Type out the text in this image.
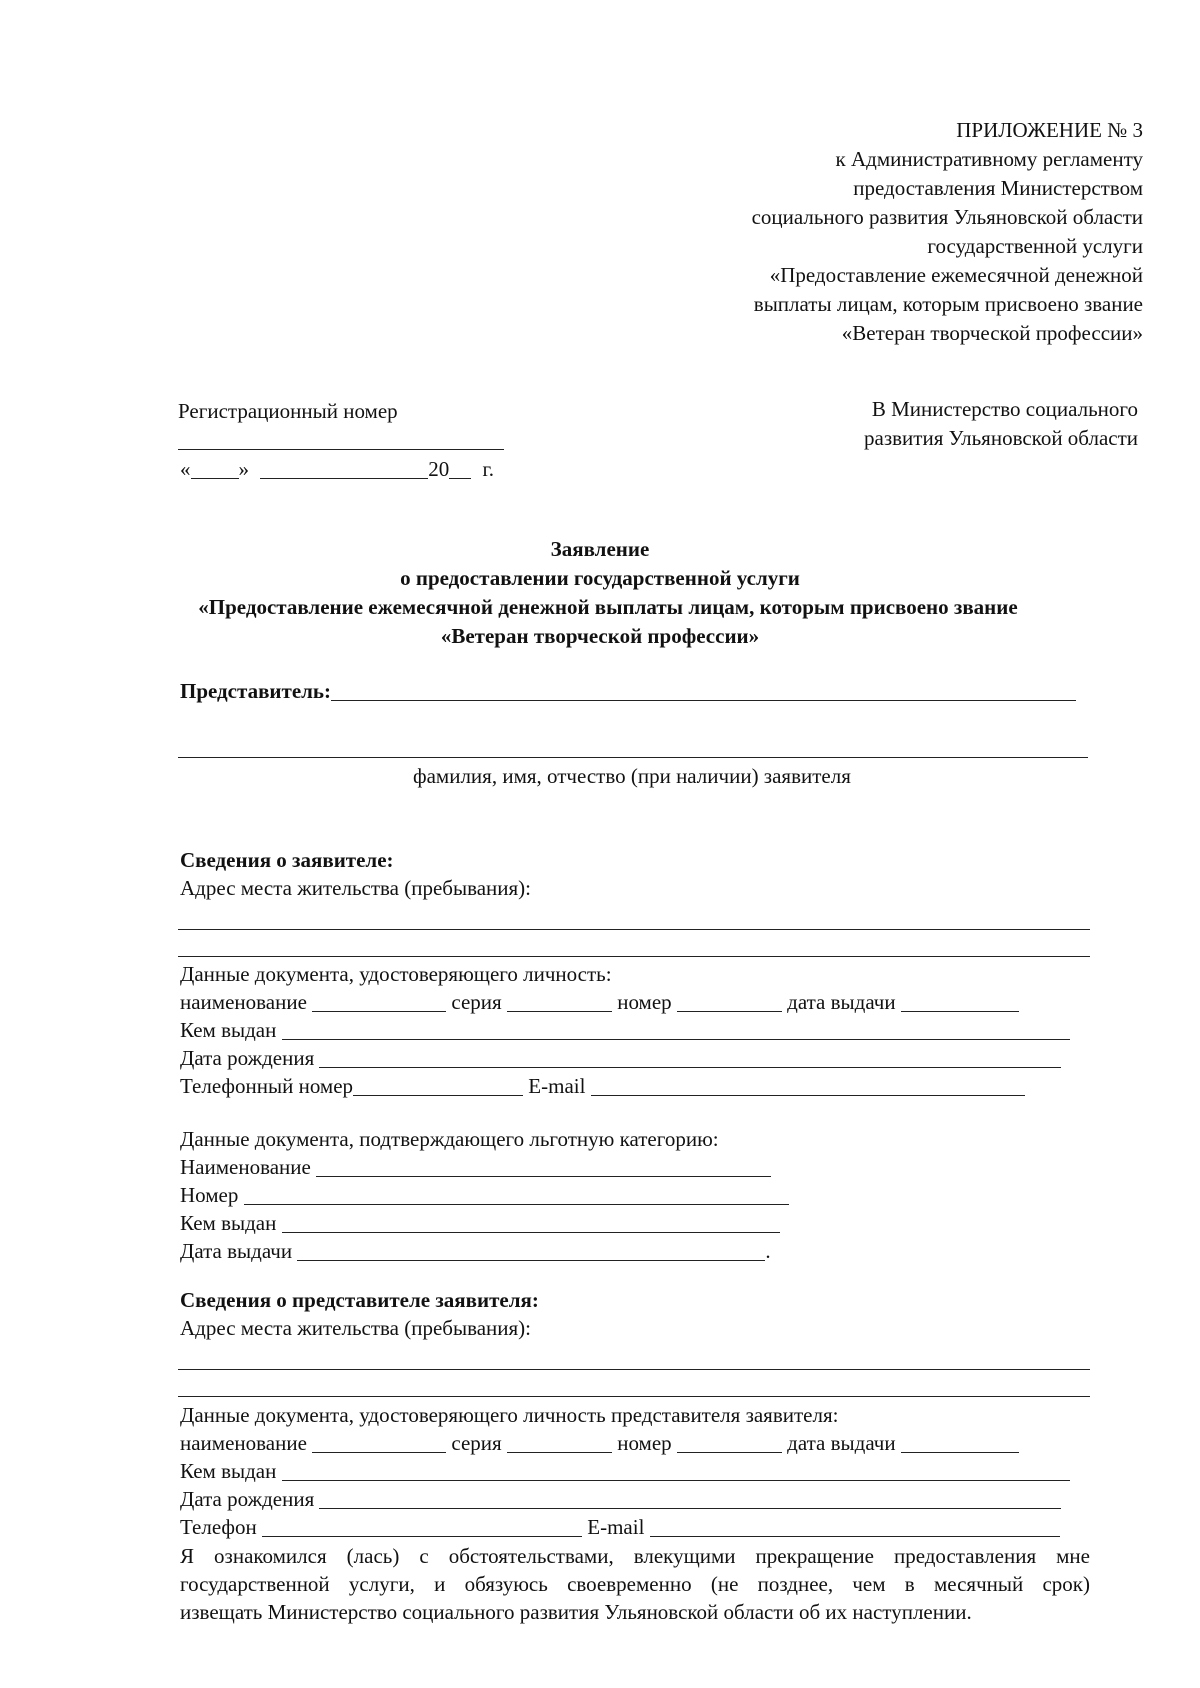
ПРИЛОЖЕНИЕ № 3
к Административному регламенту
предоставления Министерством
социального развития Ульяновской области
государственной услуги
«Предоставление ежемесячной денежной
выплаты лицам, которым присвоено звание
«Ветеран творческой профессии»
Регистрационный номер
« »	20 г.
В Министерство социального
развития Ульяновской области
Заявление
о предоставлении государственной услуги
«Предоставление ежемесячной денежной выплаты лицам, которым присвоено звание
«Ветеран творческой профессии»
Представитель:
фамилия, имя, отчество (при наличии) заявителя
Сведения о заявителе:
Адрес места жительства (пребывания):
Данные документа, удостоверяющего личность:
наименование	серия	номер	дата выдачи
Кем выдан
Дата рождения
Телефонный номер	E-mail
Данные документа, подтверждающего льготную категорию:
Наименование
Номер
Кем выдан
Дата выдачи	.
Сведения о представителе заявителя:
Адрес места жительства (пребывания):
Данные документа, удостоверяющего личность представителя заявителя:
наименование	серия	номер	дата выдачи
Кем выдан
Дата рождения
Телефон	E-mail
Я ознакомился (лась) с обстоятельствами, влекущими прекращение предоставления мне
государственной услуги, и обязуюсь своевременно (не позднее, чем в месячный срок)
извещать Министерство социального развития Ульяновской области об их наступлении.
